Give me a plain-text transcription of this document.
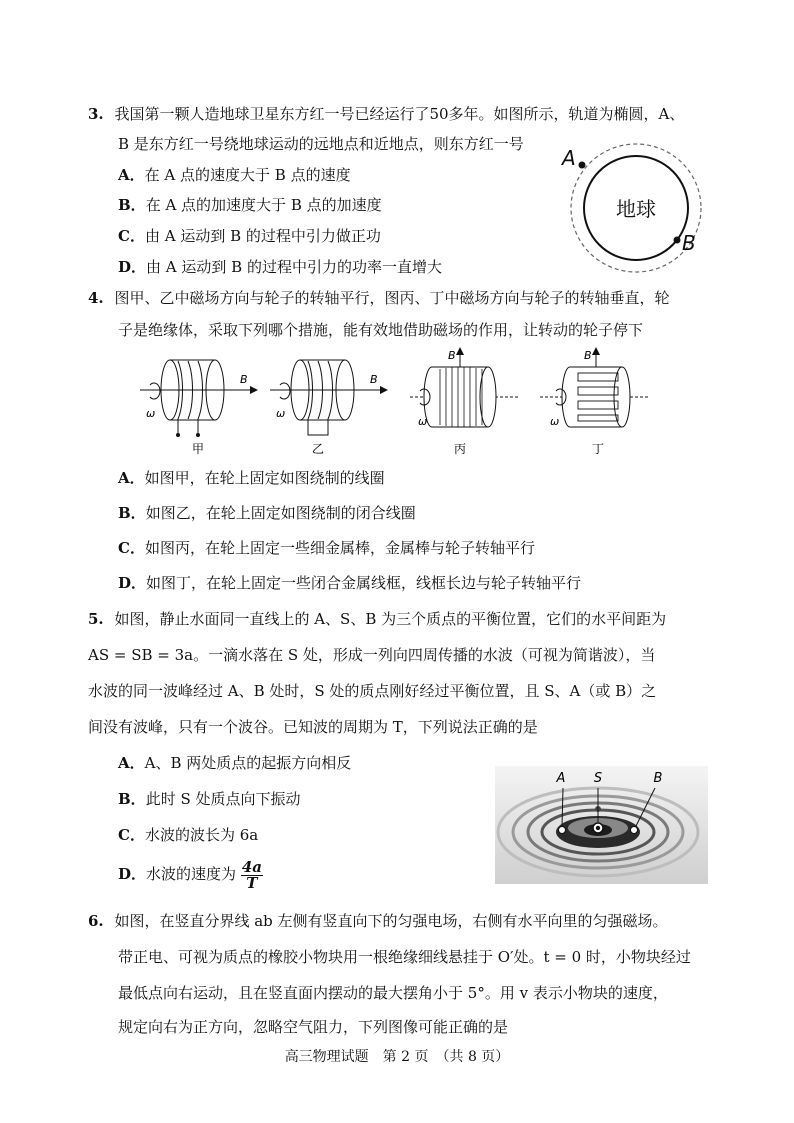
3. 我国第一颗人造地球卫星东方红一号已经运行了50多年。如图所示，轨道为椭圆，A、
B 是东方红一号绕地球运动的远地点和近地点，则东方红一号
A．在 A 点的速度大于 B 点的速度
B．在 A 点的加速度大于 B 点的加速度
C．由 A 运动到 B 的过程中引力做正功
D．由 A 运动到 B 的过程中引力的功率一直增大
地球
A
B
4. 图甲、乙中磁场方向与轮子的转轴平行，图丙、丁中磁场方向与轮子的转轴垂直，轮
子是绝缘体，采取下列哪个措施，能有效地借助磁场的作用，让转动的轮子停下
B
ω
甲
B
ω
乙
B
ω
丙
B
ω
丁
A．如图甲，在轮上固定如图绕制的线圈
B．如图乙，在轮上固定如图绕制的闭合线圈
C．如图丙，在轮上固定一些细金属棒，金属棒与轮子转轴平行
D．如图丁，在轮上固定一些闭合金属线框，线框长边与轮子转轴平行
5. 如图，静止水面同一直线上的 A、S、B 为三个质点的平衡位置，它们的水平间距为
AS = SB = 3a。一滴水落在 S 处，形成一列向四周传播的水波（可视为简谐波），当
水波的同一波峰经过 A、B 处时，S 处的质点刚好经过平衡位置，且 S、A（或 B）之
间没有波峰，只有一个波谷。已知波的周期为 T，下列说法正确的是
A．A、B 两处质点的起振方向相反
B．此时 S 处质点向下振动
C．水波的波长为 6a
D．水波的速度为 $\frac{4a}{T}$
A S	B
6. 如图，在竖直分界线 ab 左侧有竖直向下的匀强电场，右侧有水平向里的匀强磁场。
带正电、可视为质点的橡胶小物块用一根绝缘细线悬挂于 O′处。t = 0 时，小物块经过
最低点向右运动，且在竖直面内摆动的最大摆角小于 5°。用 v 表示小物块的速度，
规定向右为正方向，忽略空气阻力，下列图像可能正确的是
高三物理试题　第 2 页　（共 8 页）
